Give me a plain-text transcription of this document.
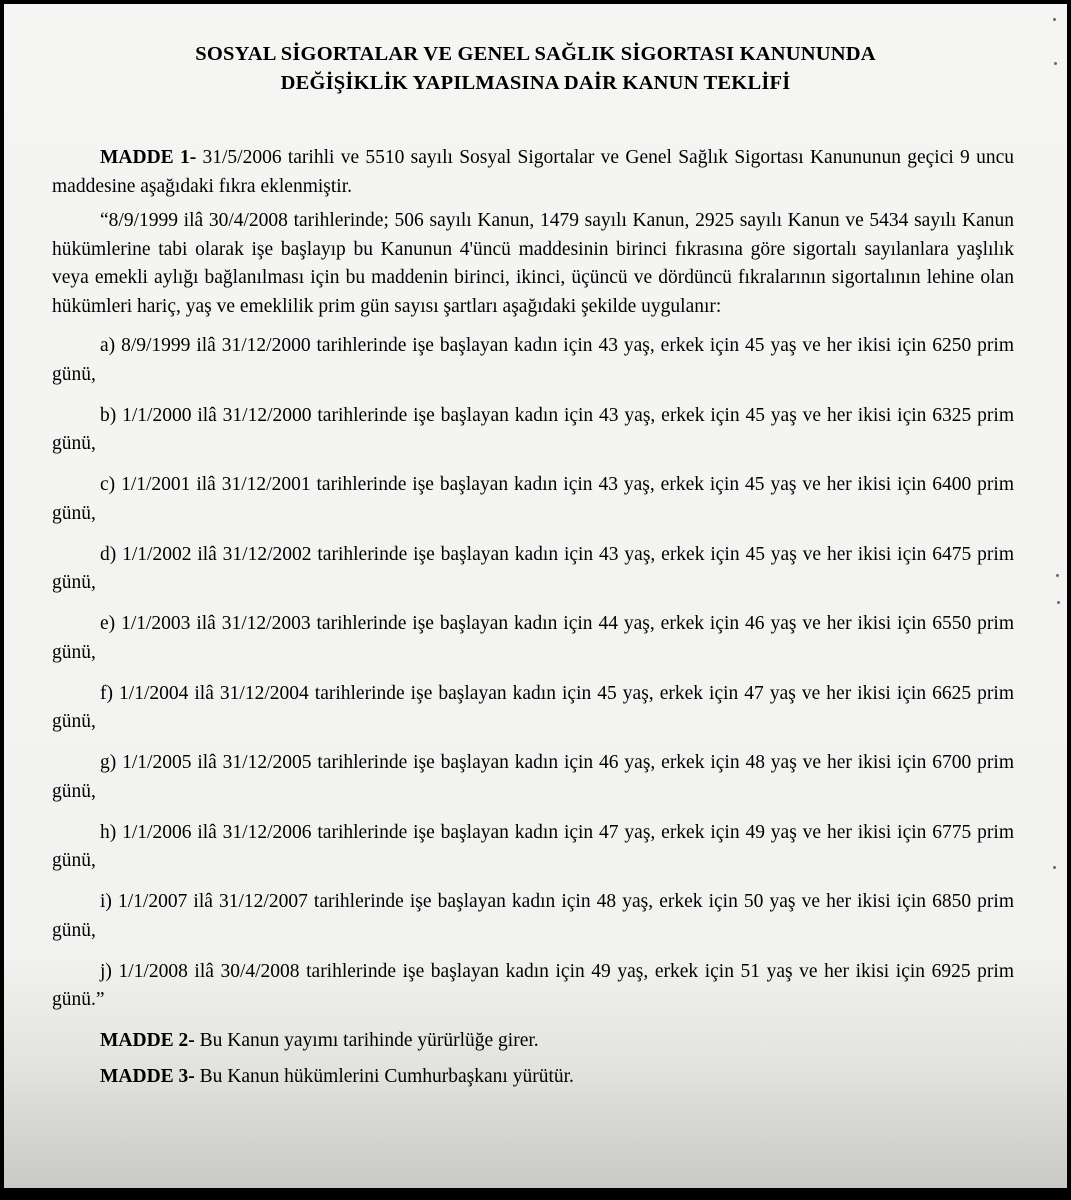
SOSYAL SİGORTALAR VE GENEL SAĞLIK SİGORTASI KANUNUNDA
DEĞİŞİKLİK YAPILMASINA DAİR KANUN TEKLİFİ

MADDE 1- 31/5/2006 tarihli ve 5510 sayılı Sosyal Sigortalar ve Genel Sağlık Sigortası Kanununun geçici 9 uncu maddesine aşağıdaki fıkra eklenmiştir.

“8/9/1999 ilâ 30/4/2008 tarihlerinde; 506 sayılı Kanun, 1479 sayılı Kanun, 2925 sayılı Kanun ve 5434 sayılı Kanun hükümlerine tabi olarak işe başlayıp bu Kanunun 4'üncü maddesinin birinci fıkrasına göre sigortalı sayılanlara yaşlılık veya emekli aylığı bağlanılması için bu maddenin birinci, ikinci, üçüncü ve dördüncü fıkralarının sigortalının lehine olan hükümleri hariç, yaş ve emeklilik prim gün sayısı şartları aşağıdaki şekilde uygulanır:

a) 8/9/1999 ilâ 31/12/2000 tarihlerinde işe başlayan kadın için 43 yaş, erkek için 45 yaş ve her ikisi için 6250 prim günü,

b) 1/1/2000 ilâ 31/12/2000 tarihlerinde işe başlayan kadın için 43 yaş, erkek için 45 yaş ve her ikisi için 6325 prim günü,

c) 1/1/2001 ilâ 31/12/2001 tarihlerinde işe başlayan kadın için 43 yaş, erkek için 45 yaş ve her ikisi için 6400 prim günü,

d) 1/1/2002 ilâ 31/12/2002 tarihlerinde işe başlayan kadın için 43 yaş, erkek için 45 yaş ve her ikisi için 6475 prim günü,

e) 1/1/2003 ilâ 31/12/2003 tarihlerinde işe başlayan kadın için 44 yaş, erkek için 46 yaş ve her ikisi için 6550 prim günü,

f) 1/1/2004 ilâ 31/12/2004 tarihlerinde işe başlayan kadın için 45 yaş, erkek için 47 yaş ve her ikisi için 6625 prim günü,

g) 1/1/2005 ilâ 31/12/2005 tarihlerinde işe başlayan kadın için 46 yaş, erkek için 48 yaş ve her ikisi için 6700 prim günü,

h) 1/1/2006 ilâ 31/12/2006 tarihlerinde işe başlayan kadın için 47 yaş, erkek için 49 yaş ve her ikisi için 6775 prim günü,

i) 1/1/2007 ilâ 31/12/2007 tarihlerinde işe başlayan kadın için 48 yaş, erkek için 50 yaş ve her ikisi için 6850 prim günü,

j) 1/1/2008 ilâ 30/4/2008 tarihlerinde işe başlayan kadın için 49 yaş, erkek için 51 yaş ve her ikisi için 6925 prim günü.”

MADDE 2- Bu Kanun yayımı tarihinde yürürlüğe girer.

MADDE 3- Bu Kanun hükümlerini Cumhurbaşkanı yürütür.
